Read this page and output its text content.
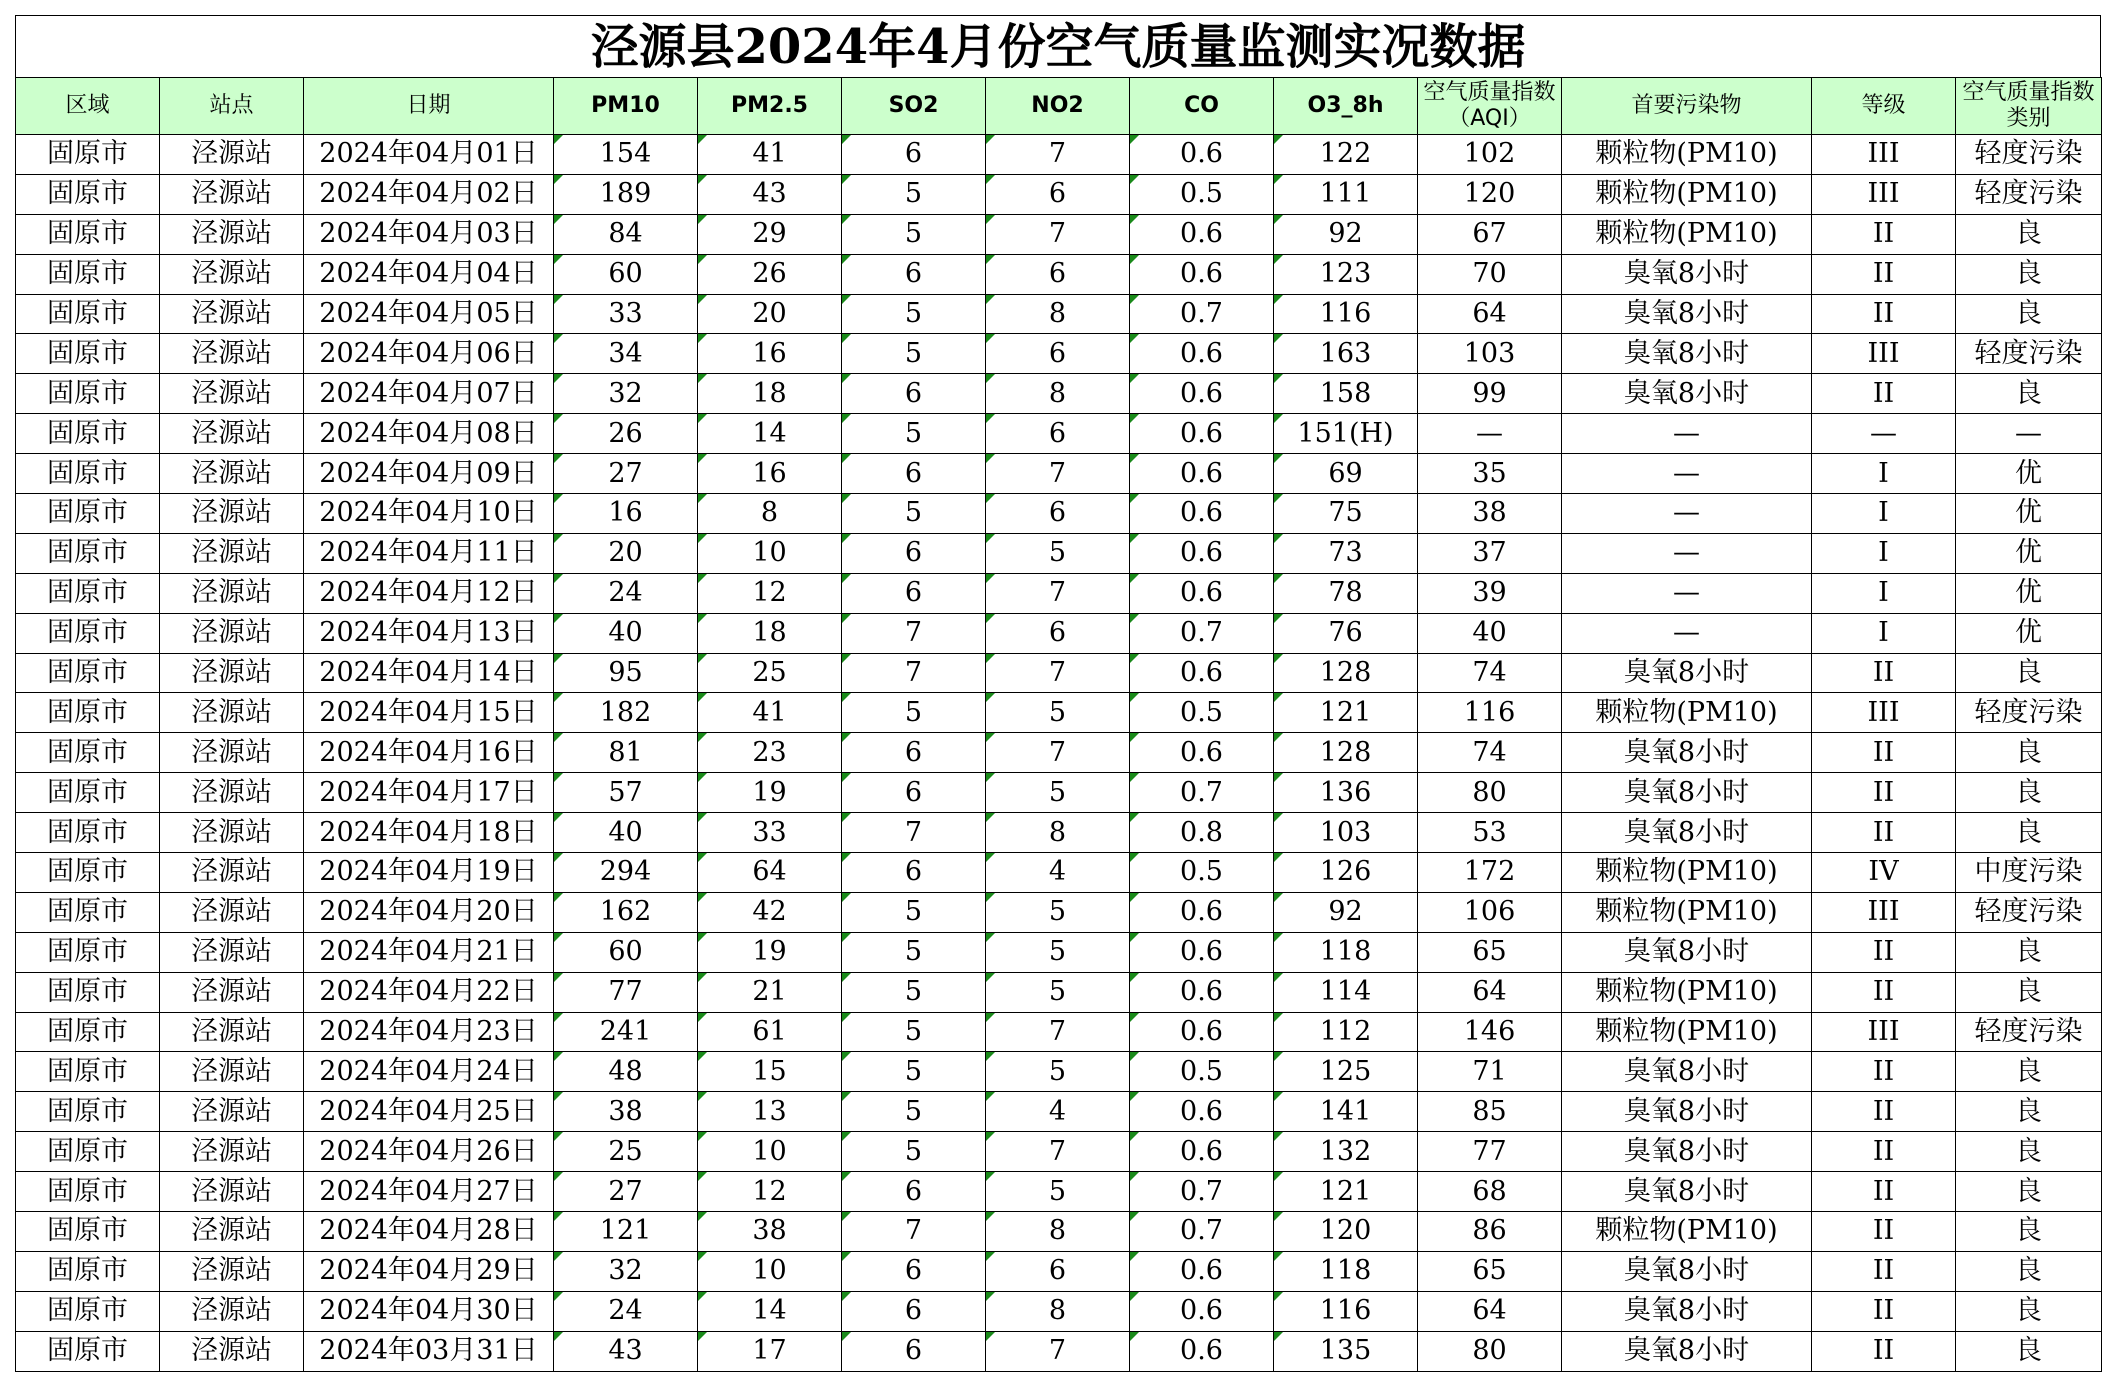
泾源县2024年4月份空气质量监测实况数据
区域	站点	日期	PM10	PM2.5	SO2	NO2	CO	O3_8h	空气质量指数（AQI）	首要污染物	等级	空气质量指数类别
固原市	泾源站	2024年04月01日	154	41	6	7	0.6	122	102	颗粒物(PM10)	III	轻度污染
固原市	泾源站	2024年04月02日	189	43	5	6	0.5	111	120	颗粒物(PM10)	III	轻度污染
固原市	泾源站	2024年04月03日	84	29	5	7	0.6	92	67	颗粒物(PM10)	II	良
固原市	泾源站	2024年04月04日	60	26	6	6	0.6	123	70	臭氧8小时	II	良
固原市	泾源站	2024年04月05日	33	20	5	8	0.7	116	64	臭氧8小时	II	良
固原市	泾源站	2024年04月06日	34	16	5	6	0.6	163	103	臭氧8小时	III	轻度污染
固原市	泾源站	2024年04月07日	32	18	6	8	0.6	158	99	臭氧8小时	II	良
固原市	泾源站	2024年04月08日	26	14	5	6	0.6	151(H)	—	—	—	—
固原市	泾源站	2024年04月09日	27	16	6	7	0.6	69	35	—	I	优
固原市	泾源站	2024年04月10日	16	8	5	6	0.6	75	38	—	I	优
固原市	泾源站	2024年04月11日	20	10	6	5	0.6	73	37	—	I	优
固原市	泾源站	2024年04月12日	24	12	6	7	0.6	78	39	—	I	优
固原市	泾源站	2024年04月13日	40	18	7	6	0.7	76	40	—	I	优
固原市	泾源站	2024年04月14日	95	25	7	7	0.6	128	74	臭氧8小时	II	良
固原市	泾源站	2024年04月15日	182	41	5	5	0.5	121	116	颗粒物(PM10)	III	轻度污染
固原市	泾源站	2024年04月16日	81	23	6	7	0.6	128	74	臭氧8小时	II	良
固原市	泾源站	2024年04月17日	57	19	6	5	0.7	136	80	臭氧8小时	II	良
固原市	泾源站	2024年04月18日	40	33	7	8	0.8	103	53	臭氧8小时	II	良
固原市	泾源站	2024年04月19日	294	64	6	4	0.5	126	172	颗粒物(PM10)	IV	中度污染
固原市	泾源站	2024年04月20日	162	42	5	5	0.6	92	106	颗粒物(PM10)	III	轻度污染
固原市	泾源站	2024年04月21日	60	19	5	5	0.6	118	65	臭氧8小时	II	良
固原市	泾源站	2024年04月22日	77	21	5	5	0.6	114	64	颗粒物(PM10)	II	良
固原市	泾源站	2024年04月23日	241	61	5	7	0.6	112	146	颗粒物(PM10)	III	轻度污染
固原市	泾源站	2024年04月24日	48	15	5	5	0.5	125	71	臭氧8小时	II	良
固原市	泾源站	2024年04月25日	38	13	5	4	0.6	141	85	臭氧8小时	II	良
固原市	泾源站	2024年04月26日	25	10	5	7	0.6	132	77	臭氧8小时	II	良
固原市	泾源站	2024年04月27日	27	12	6	5	0.7	121	68	臭氧8小时	II	良
固原市	泾源站	2024年04月28日	121	38	7	8	0.7	120	86	颗粒物(PM10)	II	良
固原市	泾源站	2024年04月29日	32	10	6	6	0.6	118	65	臭氧8小时	II	良
固原市	泾源站	2024年04月30日	24	14	6	8	0.6	116	64	臭氧8小时	II	良
固原市	泾源站	2024年03月31日	43	17	6	7	0.6	135	80	臭氧8小时	II	良
